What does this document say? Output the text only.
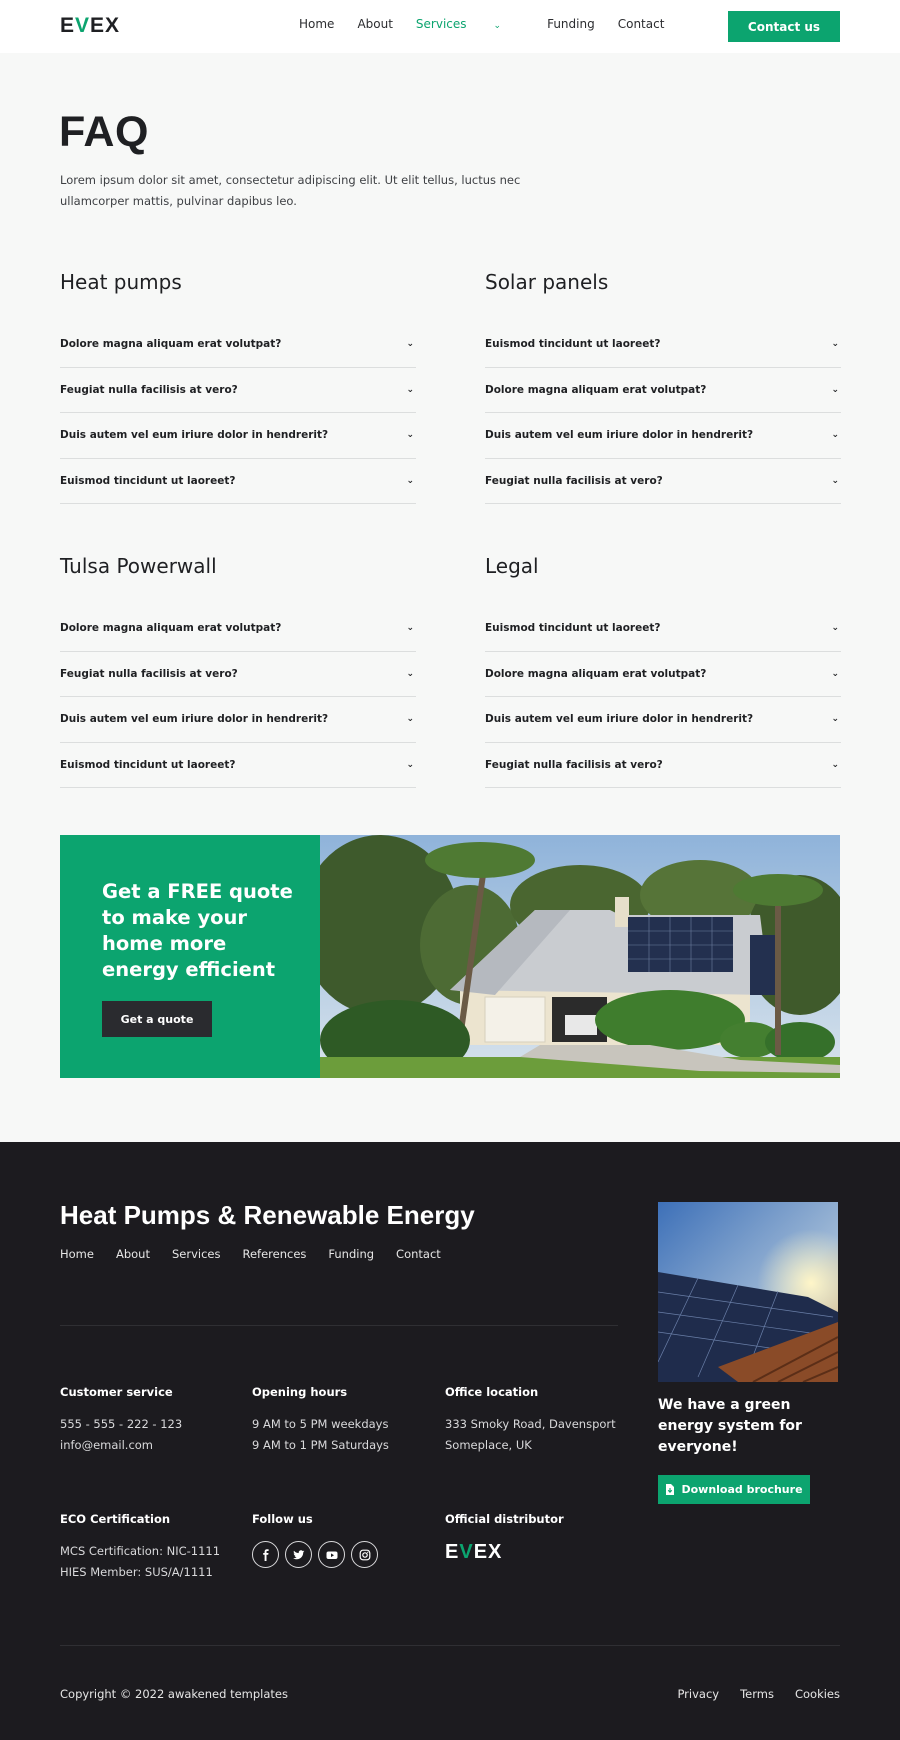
EVEX	Home About Services	⌄	Funding Contact	Contact us
FAQ
Lorem ipsum dolor sit amet, consectetur adipiscing elit. Ut elit tellus, luctus nec ullamcorper mattis, pulvinar dapibus leo.
Heat pumps
Dolore magna aliquam erat volutpat?	⌄
Feugiat nulla facilisis at vero?	⌄
Duis autem vel eum iriure dolor in hendrerit?	⌄
Euismod tincidunt ut laoreet?	⌄
Solar panels
Euismod tincidunt ut laoreet?	⌄
Dolore magna aliquam erat volutpat?	⌄
Duis autem vel eum iriure dolor in hendrerit?	⌄
Feugiat nulla facilisis at vero?	⌄
Tulsa Powerwall
Dolore magna aliquam erat volutpat?	⌄
Feugiat nulla facilisis at vero?	⌄
Duis autem vel eum iriure dolor in hendrerit?	⌄
Euismod tincidunt ut laoreet?	⌄
Legal
Euismod tincidunt ut laoreet?	⌄
Dolore magna aliquam erat volutpat?	⌄
Duis autem vel eum iriure dolor in hendrerit?	⌄
Feugiat nulla facilisis at vero?	⌄
Get a FREE quote to make your home more energy efficient
Get a quote
Heat Pumps & Renewable Energy
Home About Services References Funding Contact
Customer service
555 - 555 - 222 - 123
info@email.com
Opening hours
9 AM to 5 PM weekdays
9 AM to 1 PM Saturdays
Office location
333 Smoky Road, Davensport
Someplace, UK
ECO Certification
MCS Certification: NIC-1111
HIES Member: SUS/A/1111
Follow us	Official distributor
EVEX
We have a green energy system for everyone!
Download brochure
Copyright © 2022 awakened templates	Privacy Terms Cookies
